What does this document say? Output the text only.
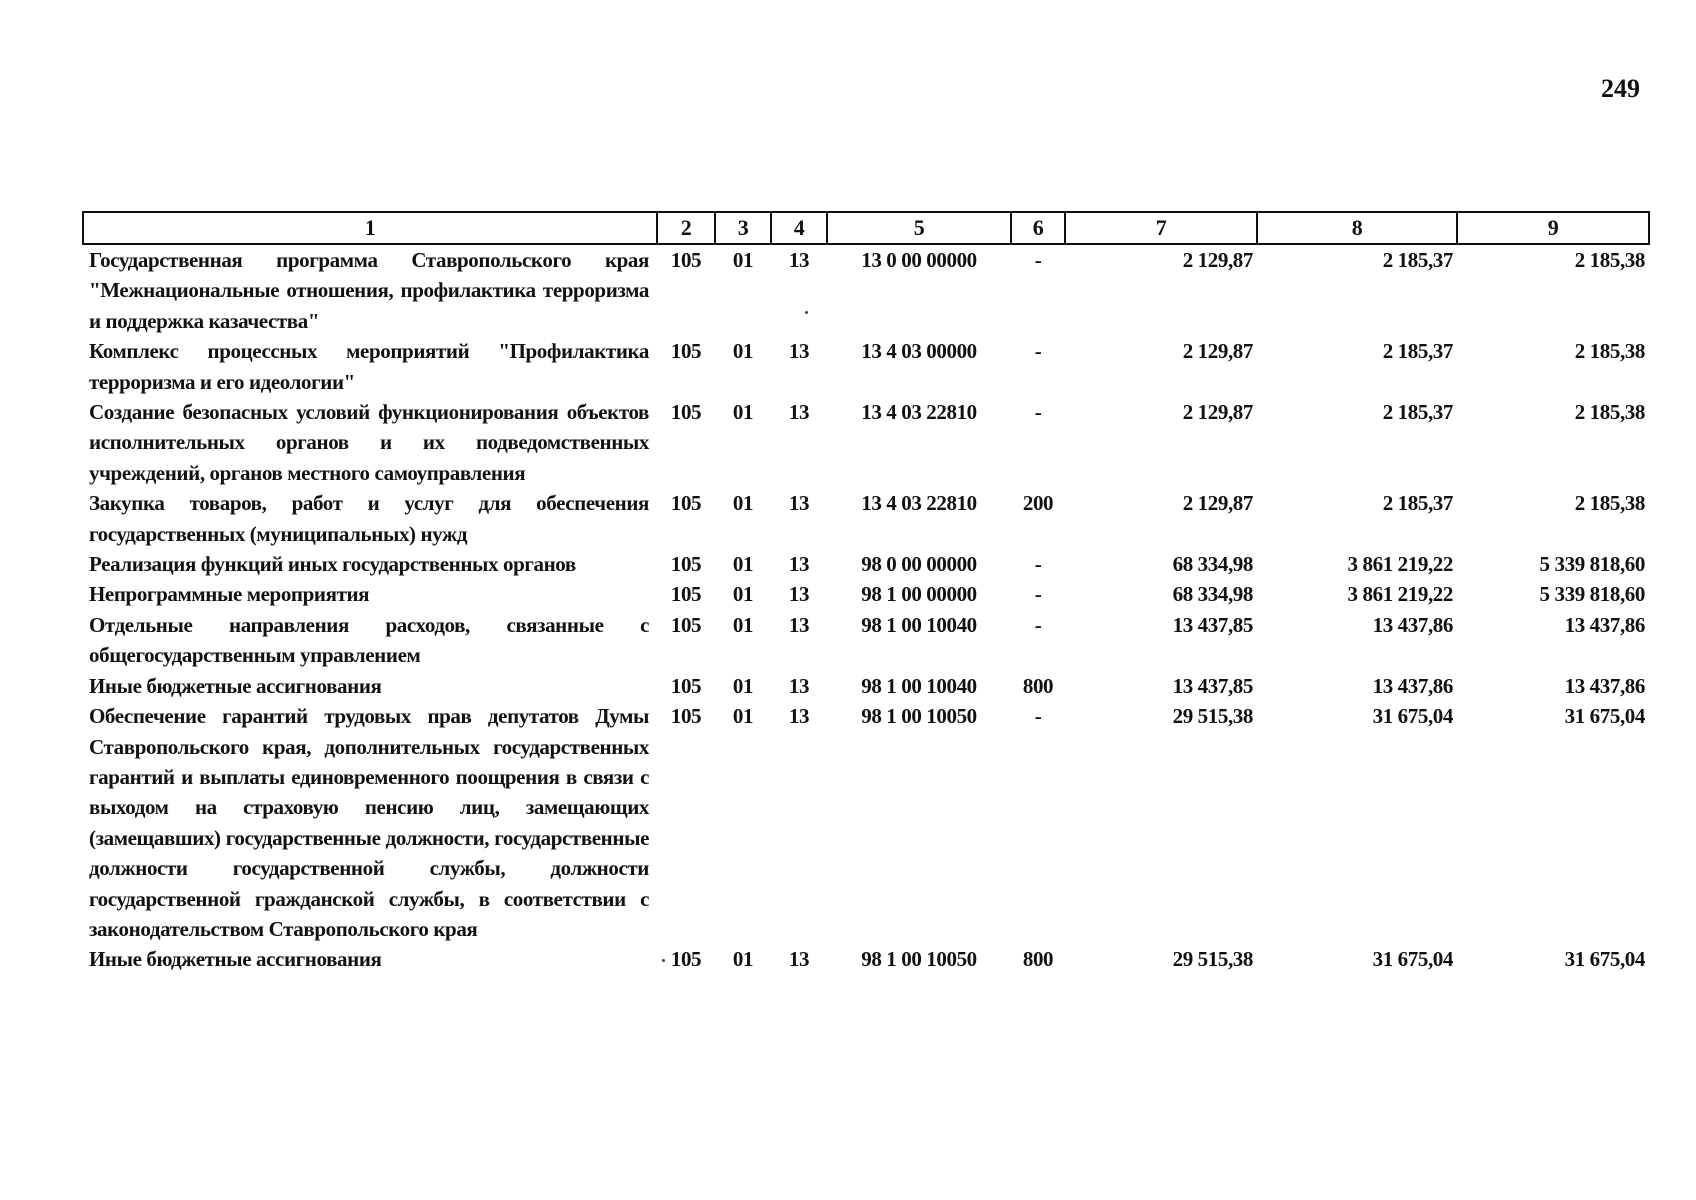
249
1	2	3	4	5	6	7	8	9
Государственная программа Ставропольского края "Межнациональные отношения, профилактика терроризма и поддержка казачества"	105	01	13	13 0 00 00000	-	2 129,87	2 185,37	2 185,38
Комплекс процессных мероприятий "Профилактика терроризма и его идеологии"	105	01	13	13 4 03 00000	-	2 129,87	2 185,37	2 185,38
Создание безопасных условий функционирования объектов исполнительных органов и их подведомственных учреждений, органов местного самоуправления	105	01	13	13 4 03 22810	-	2 129,87	2 185,37	2 185,38
Закупка товаров, работ и услуг для обеспечения государственных (муниципальных) нужд	105	01	13	13 4 03 22810	200	2 129,87	2 185,37	2 185,38
Реализация функций иных государственных органов	105	01	13	98 0 00 00000	-	68 334,98	3 861 219,22	5 339 818,60
Непрограммные мероприятия	105	01	13	98 1 00 00000	-	68 334,98	3 861 219,22	5 339 818,60
Отдельные направления расходов, связанные с общегосударственным управлением	105	01	13	98 1 00 10040	-	13 437,85	13 437,86	13 437,86
Иные бюджетные ассигнования	105	01	13	98 1 00 10040	800	13 437,85	13 437,86	13 437,86
Обеспечение гарантий трудовых прав депутатов Думы Ставропольского края, дополнительных государственных гарантий и выплаты единовременного поощрения в связи с выходом на страховую пенсию лиц, замещающих (замещавших) государственные должности, государственные должности государственной службы, должности государственной гражданской службы, в соответствии с законодательством Ставропольского края	105	01	13	98 1 00 10050	-	29 515,38	31 675,04	31 675,04
Иные бюджетные ассигнования	105	01	13	98 1 00 10050	800	29 515,38	31 675,04	31 675,04
